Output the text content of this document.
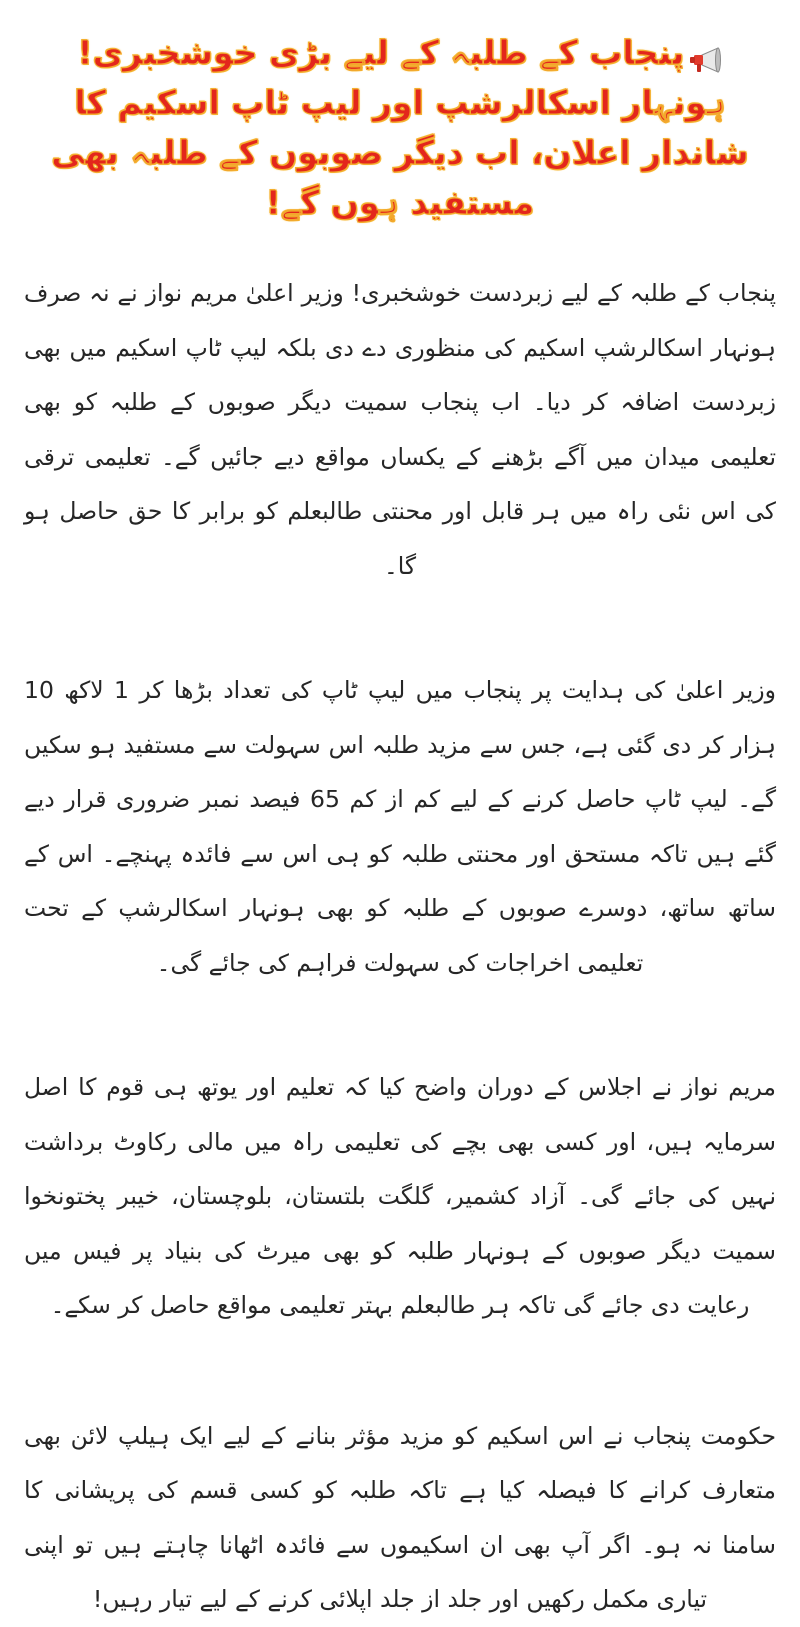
پنجاب کے طلبہ کے لیے بڑی خوشخبری! ہونہار اسکالرشپ اور لیپ ٹاپ اسکیم کا شاندار اعلان، اب دیگر صوبوں کے طلبہ بھی مستفید ہوں گے!

پنجاب کے طلبہ کے لیے زبردست خوشخبری! وزیر اعلیٰ مریم نواز نے نہ صرف ہونہار اسکالرشپ اسکیم کی منظوری دے دی بلکہ لیپ ٹاپ اسکیم میں بھی زبردست اضافہ کر دیا۔ اب پنجاب سمیت دیگر صوبوں کے طلبہ کو بھی تعلیمی میدان میں آگے بڑھنے کے یکساں مواقع دیے جائیں گے۔ تعلیمی ترقی کی اس نئی راہ میں ہر قابل اور محنتی طالبعلم کو برابر کا حق حاصل ہو گا۔

وزیر اعلیٰ کی ہدایت پر پنجاب میں لیپ ٹاپ کی تعداد بڑھا کر 1 لاکھ 10 ہزار کر دی گئی ہے، جس سے مزید طلبہ اس سہولت سے مستفید ہو سکیں گے۔ لیپ ٹاپ حاصل کرنے کے لیے کم از کم 65 فیصد نمبر ضروری قرار دیے گئے ہیں تاکہ مستحق اور محنتی طلبہ کو ہی اس سے فائدہ پہنچے۔ اس کے ساتھ ساتھ، دوسرے صوبوں کے طلبہ کو بھی ہونہار اسکالرشپ کے تحت تعلیمی اخراجات کی سہولت فراہم کی جائے گی۔

مریم نواز نے اجلاس کے دوران واضح کیا کہ تعلیم اور یوتھ ہی قوم کا اصل سرمایہ ہیں، اور کسی بھی بچے کی تعلیمی راہ میں مالی رکاوٹ برداشت نہیں کی جائے گی۔ آزاد کشمیر، گلگت بلتستان، بلوچستان، خیبر پختونخوا سمیت دیگر صوبوں کے ہونہار طلبہ کو بھی میرٹ کی بنیاد پر فیس میں رعایت دی جائے گی تاکہ ہر طالبعلم بہتر تعلیمی مواقع حاصل کر سکے۔

حکومت پنجاب نے اس اسکیم کو مزید مؤثر بنانے کے لیے ایک ہیلپ لائن بھی متعارف کرانے کا فیصلہ کیا ہے تاکہ طلبہ کو کسی قسم کی پریشانی کا سامنا نہ ہو۔ اگر آپ بھی ان اسکیموں سے فائدہ اٹھانا چاہتے ہیں تو اپنی تیاری مکمل رکھیں اور جلد از جلد اپلائی کرنے کے لیے تیار رہیں!
